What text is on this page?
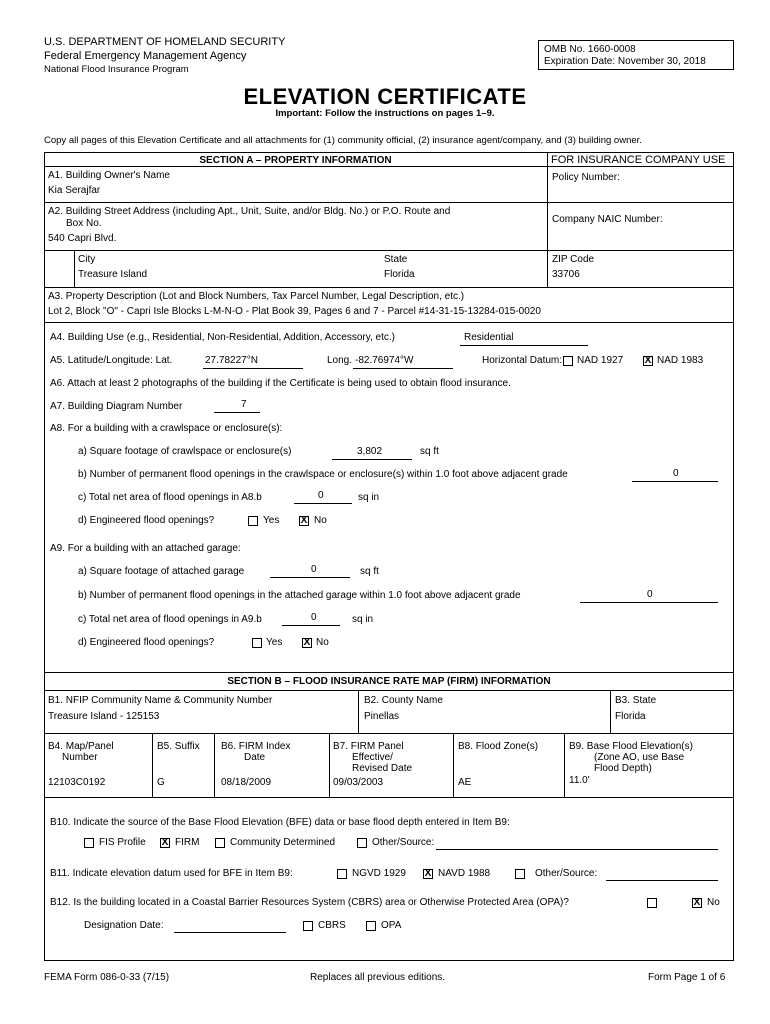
U.S. DEPARTMENT OF HOMELAND SECURITY
Federal Emergency Management Agency
National Flood Insurance Program
OMB No. 1660-0008
Expiration Date: November 30, 2018
ELEVATION CERTIFICATE
Important: Follow the instructions on pages 1–9.
Copy all pages of this Elevation Certificate and all attachments for (1) community official, (2) insurance agent/company, and (3) building owner.
SECTION A – PROPERTY INFORMATION	FOR INSURANCE COMPANY USE
A1. Building Owner's Name
Kia Serajfar
Policy Number:
A2. Building Street Address (including Apt., Unit, Suite, and/or Bldg. No.) or P.O. Route and
Box No.
540 Capri Blvd.
Company NAIC Number:
City
Treasure Island
State
Florida
ZIP Code
33706
A3. Property Description (Lot and Block Numbers, Tax Parcel Number, Legal Description, etc.)
Lot 2, Block "O" - Capri Isle Blocks L-M-N-O - Plat Book 39, Pages 6 and 7 - Parcel #14-31-15-13284-015-0020
A4. Building Use (e.g., Residential, Non-Residential, Addition, Accessory, etc.)	Residential
A5. Latitude/Longitude: Lat.	27.78227°N	Long. -82.76974°W	Horizontal Datum: NAD 1927 X NAD 1983
A6. Attach at least 2 photographs of the building if the Certificate is being used to obtain flood insurance.
A7. Building Diagram Number	7
A8. For a building with a crawlspace or enclosure(s):
a) Square footage of crawlspace or enclosure(s)	3,802	sq ft
b) Number of permanent flood openings in the crawlspace or enclosure(s) within 1.0 foot above adjacent grade	0
c) Total net area of flood openings in A8.b	0	sq in
d) Engineered flood openings?	Yes X No
A9. For a building with an attached garage:
a) Square footage of attached garage	0	sq ft
b) Number of permanent flood openings in the attached garage within 1.0 foot above adjacent grade	0
c) Total net area of flood openings in A9.b	0	sq in
d) Engineered flood openings?	Yes X No
SECTION B – FLOOD INSURANCE RATE MAP (FIRM) INFORMATION
B1. NFIP Community Name & Community Number
Treasure Island - 125153
B2. County Name
Pinellas
B3. State
Florida
B4. Map/Panel
Number
12103C0192
B5. Suffix
G
B6. FIRM Index
Date
08/18/2009
B7. FIRM Panel
Effective/
Revised Date
09/03/2003
B8. Flood Zone(s)
AE
B9. Base Flood Elevation(s)
(Zone AO, use Base
Flood Depth)
11.0'
B10. Indicate the source of the Base Flood Elevation (BFE) data or base flood depth entered in Item B9:
FIS Profile X FIRM	Community Determined	Other/Source:
B11. Indicate elevation datum used for BFE in Item B9:	NGVD 1929 X NAVD 1988	Other/Source:
B12. Is the building located in a Coastal Barrier Resources System (CBRS) area or Otherwise Protected Area (OPA)?	X No
Designation Date:	CBRS	OPA
FEMA Form 086-0-33 (7/15)	Replaces all previous editions.	Form Page 1 of 6
